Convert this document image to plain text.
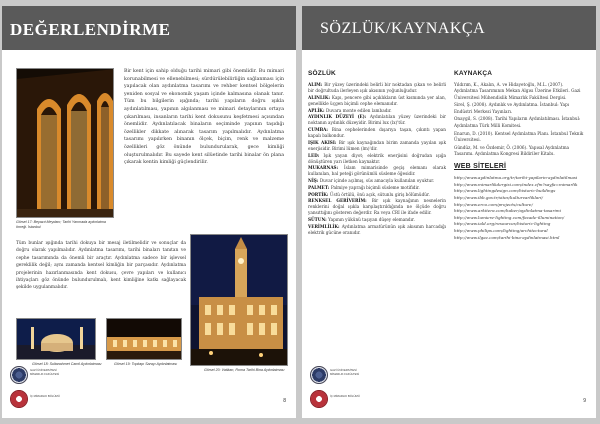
DEĞERLENDİRME
Görsel 17: Beyazıt Meydanı; Tarihi Yarımada aydınlatma örneği. İstanbul
Bir kent için sahip olduğu tarihi mimari gibi önemlidir. Bu mimari korunabilmesi ve ellenebilmesi; sürdürülebilirliğin sağlanması için yapılacak olan aydınlatma tasarımı ve rehber kentsel bölgelerin yeniden sosyal ve ekonomik yaşam içinde kalmasına olanak tanır. Tüm bu bilgilerin ışığında; tarihi yapıların doğru ışıkla aydınlatılması, yapının algılanması ve mimari detaylarının ortaya çıkarılması, insanların tarihi kent dokusunu keşfetmesi açısından önemlidir. Aydınlatılacak binaların seçiminde yapının taşıdığı özellikler dikkate alınarak tasarım yapılmalıdır. Aydınlatma tasarımı yapılırken binanın ölçek, biçim, renk ve malzeme özellikleri göz önünde bulundurularak, gece kimliği oluşturulmalıdır. Bu sayede kent silüetinde tarihi binalar ön plana çıkarak kentin kimliği güçlendirilir.
Tüm bunlar ışığında tarihi dokuya bir mesaj iletilmelidir ve sonuçlar da doğru olarak yapılmalıdır. Aydınlatma tasarımı, tarihi binaları tanıtan ve cephe tasarımında da önemli bir araçtır. Aydınlatma sadece bir işlevsel gereklilik değil; aynı zamanda kentsel kimliğin bir parçasıdır. Aydınlatma projelerinin hazırlanmasında kent dokusu, çevre yapıları ve kullanıcı ihtiyaçları göz önünde bulundurulmalı, kent kimliğine katkı sağlayacak şekilde uygulanmalıdır.
Görsel 20: Vatikan, Roma Tarihi Bina Aydınlatması
Görsel 18: Sultanahmet Camii Aydınlatması	Görsel 19: Topkapı Sarayı Aydınlatması
GAZİ ÜNİVERSİTESİ MİMARLIK FAKÜLTESİ
İÇ MİMARLIK BÖLÜMÜ
8
SÖZLÜK/KAYNAKÇA
SÖZLÜK
ALIM: Bir yüzey üzerindeki belirli bir noktadan çıkan ve belirli bir doğrultuda ilerleyen ışık akısının yoğunluğudur.
ALINLIK: Kapı, pencere gibi açıklıkların üst kısmında yer alan, genellikle üçgen biçimli cephe elemanıdır.
APLİK: Duvara monte edilen lambadır.
AYDINLIK DÜZEYİ (E): Aydınlatılan yüzey üzerindeki bir noktanın aydınlık düzeyidir. Birimi lux (lx)'tür.
CUMBA: Bina cephelerinden dışarıya taşan, çıkıntı yapan kapalı balkondur.
IŞIK AKISI: Bir ışık kaynağından birim zamanda yayılan ışık enerjisidir. Birimi lümen (lm)'dir.
LED: Işık yayan diyot; elektrik enerjisini doğrudan ışığa dönüştüren yarı iletken kaynaktır.
MUKARNAS: İslam mimarisinde geçiş elemanı olarak kullanılan, bal peteği görünümlü süsleme öğesidir.
NİŞ: Duvar içinde açılmış, süs amacıyla kullanılan oyuktur.
PALMET: Palmiye yaprağı biçimli süsleme motifidir.
PORTİK: Üstü örtülü, önü açık, sütunlu giriş bölümüdür.
RENKSEL GERİVERİM: Bir ışık kaynağının nesnelerin renklerini doğal ışıkla karşılaştırıldığında ne ölçüde doğru yansıttığını gösteren değerdir. Ra veya CRI ile ifade edilir.
SÜTUN: Yapının yükünü taşıyan düşey elemandır.
VERİMLİLİK: Aydınlatma armatürünün ışık akısının harcadığı elektrik gücüne oranıdır.
KAYNAKÇA
Yıldırım, K., Akalın, A. ve Hidayetoğlu, M.L. (2007). Aydınlatma Tasarımının Mekan Algısı Üzerine Etkileri. Gazi Üniversitesi Mühendislik Mimarlık Fakültesi Dergisi.
Sirel, Ş. (2008). Aydınlık ve Aydınlatma. İstanbul: Yapı Endüstri Merkezi Yayınları.
Onaygil, S. (2008). Tarihi Yapıların Aydınlatılması. İstanbul: Aydınlatma Türk Milli Komitesi.
Enarun, D. (2010). Kentsel Aydınlatma Planı. İstanbul Teknik Üniversitesi.
Gündüz, M. ve Özdemir, Ö. (2006). Yapısal Aydınlatma Tasarımı. Aydınlatma Kongresi Bildiriler Kitabı.
WEB SİTELERİ
http://www.aydinlatma.org/tr/tarihi-yapilarin-aydinlatilmasi
http://www.mimarlikdergisi.com/index.cfm?sayfa=mimarlik
http://www.lightingdesign.com/historic-buildings
http://www.ibb.gov.tr/sites/kulturvarliklari/
http://www.erco.com/projects/culture/
http://www.arkitera.com/haber/aydinlatma-tasarimi
http://www.lumiere-lighting.com/facade-illumination/
http://www.iald.org/resources/historic-lighting
http://www.philips.com/lighting/architectural
http://www.ilgaz.com/tarihi-bina-aydinlatmasi.html
GAZİ ÜNİVERSİTESİ MİMARLIK FAKÜLTESİ
İÇ MİMARLIK BÖLÜMÜ
9
